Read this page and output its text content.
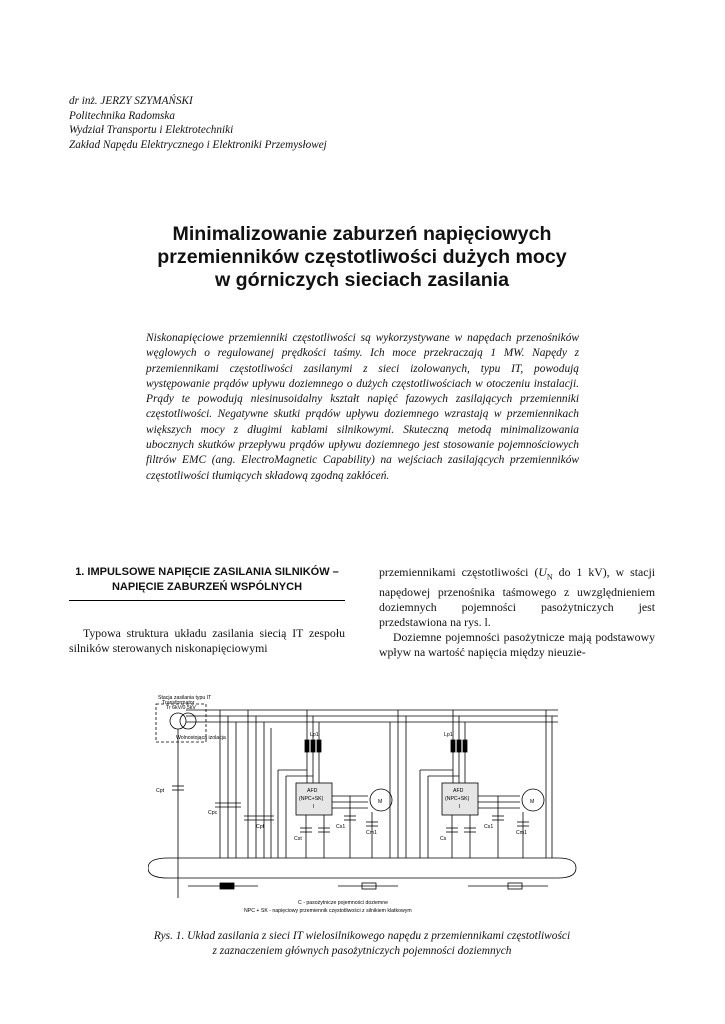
dr inż. JERZY SZYMAŃSKI
Politechnika Radomska
Wydział Transportu i Elektrotechniki
Zakład Napędu Elektrycznego i Elektroniki Przemysłowej
Minimalizowanie zaburzeń napięciowych
przemienników częstotliwości dużych mocy
w górniczych sieciach zasilania
Niskonapięciowe przemienniki częstotliwości są wykorzystywane w napędach przenośników węglowych o regulowanej prędkości taśmy. Ich moce przekraczają 1 MW. Napędy z przemiennikami częstotliwości zasilanymi z sieci izolowanych, typu IT, powodują występowanie prądów upływu doziemnego o dużych częstotliwościach w otoczeniu instalacji. Prądy te powodują niesinusoidalny kształt napięć fazowych zasilających przemienniki częstotliwości. Negatywne skutki prądów upływu doziemnego wzrastają w przemiennikach większych mocy z długimi kablami silnikowymi. Skuteczną metodą minimalizowania ubocznych skutków przepływu prądów upływu doziemnego jest stosowanie pojemnościowych filtrów EMC (ang. ElectroMagnetic Capability) na wejściach zasilających przemienników częstotliwości tłumiących składową zgodną zakłóceń.
1. IMPULSOWE NAPIĘCIE ZASILANIA SILNIKÓW – NAPIĘCIE ZABURZEŃ WSPÓLNYCH

Typowa struktura układu zasilania siecią IT zespołu silników sterowanych niskonapięciowymi

przemiennikami częstotliwości ($U_N$ do 1 kV), w stacji napędowej przenośnika taśmowego z uwzględnieniem doziemnych pojemności pasożytniczych jest przedstawiona na rys. l.

Doziemne pojemności pasożytnicze mają podstawowy wpływ na wartość napięcia między nieuzie-

Stacja zasilania typu IT
Transformator
Tr 6kV/0.5kV
Wolnostojąca izolacja
Cpt
Cpc
Lp1	Lp1
AFD
(NPC+SK)
I
AFD
(NPC+SK)
I
M	M
Cpf
Cst
Cs1
Cm1
Cs
Cs1
Cm1
C - pasożytnicze pojemności doziemne
NPC + SK - napięciowy przemiennik częstotliwości z silnikiem klatkowym
Rys. 1. Układ zasilania z sieci IT wielosilnikowego napędu z przemiennikami częstotliwości
z zaznaczeniem głównych pasożytniczych pojemności doziemnych
